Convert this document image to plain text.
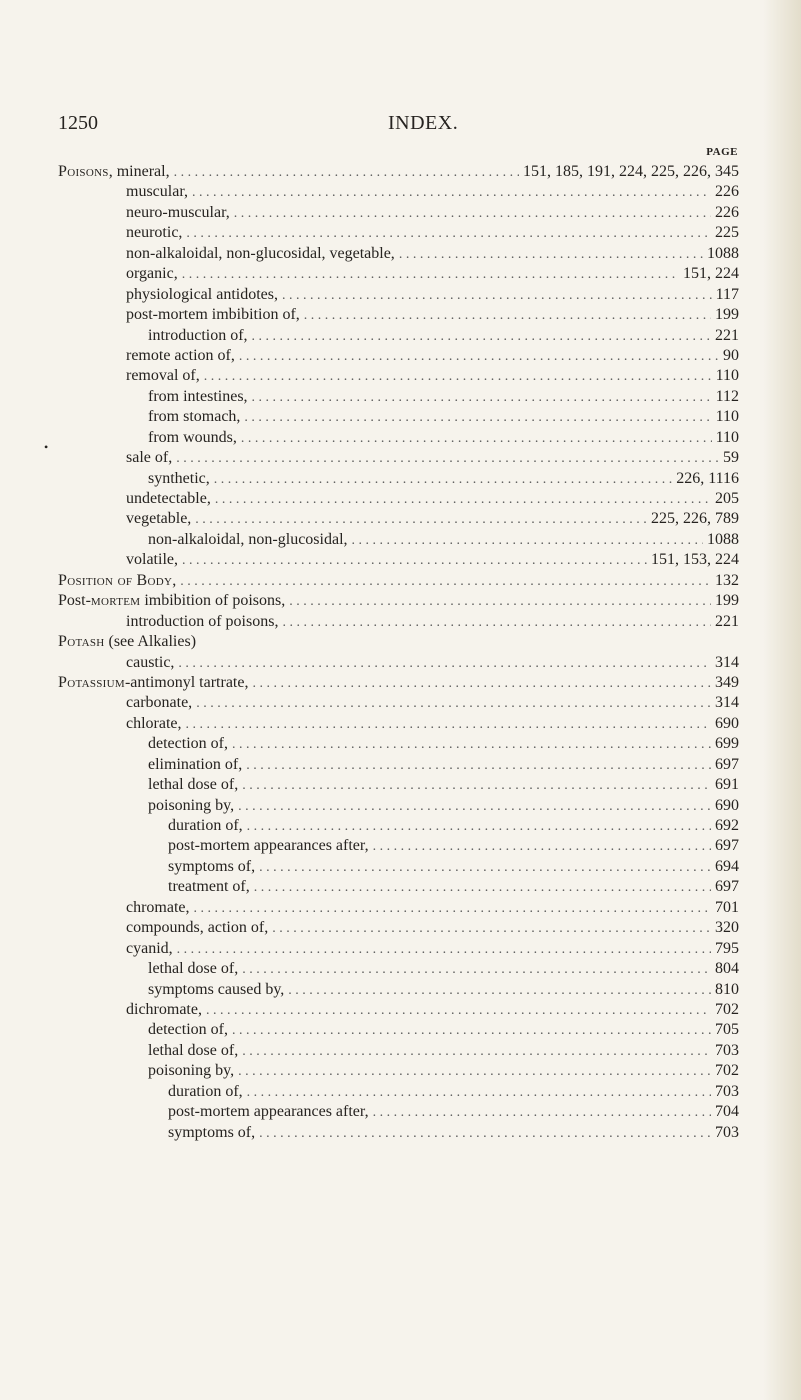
1250	INDEX.
PAGE
•
Poisons, mineral, . . .	151, 185, 191, 224, 225, 226, 345
muscular, . . .	226
neuro-muscular, . . .	226
neurotic, . . .	225
non-alkaloidal, non-glucosidal, vegetable, . . .	1088
organic, . . .	151, 224
physiological antidotes, . . .	117
post-mortem imbibition of, . . .	199
introduction of, . . .	221
remote action of, . . .	90
removal of, . . .	110
from intestines, . . .	112
from stomach, . . .	110
from wounds, . . .	110
sale of, . . .	59
synthetic, . . .	226, 1116
undetectable, . . .	205
vegetable, . . .	225, 226, 789
non-alkaloidal, non-glucosidal, . . .	1088
volatile, . . .	151, 153, 224
Position of Body, . . .	132
Post-mortem imbibition of poisons, . . .	199
introduction of poisons, . . .	221
Potash (see Alkalies)
caustic, . . .	314
Potassium-antimonyl tartrate, . . .	349
carbonate, . . .	314
chlorate, . . .	690
detection of, . . .	699
elimination of, . . .	697
lethal dose of, . . .	691
poisoning by, . . .	690
duration of, . . .	692
post-mortem appearances after, . . .	697
symptoms of, . . .	694
treatment of, . . .	697
chromate, . . .	701
compounds, action of, . . .	320
cyanid, . . .	795
lethal dose of, . . .	804
symptoms caused by, . . .	810
dichromate, . . .	702
detection of, . . .	705
lethal dose of, . . .	703
poisoning by, . . .	702
duration of, . . .	703
post-mortem appearances after, . . .	704
symptoms of, . . .	703
